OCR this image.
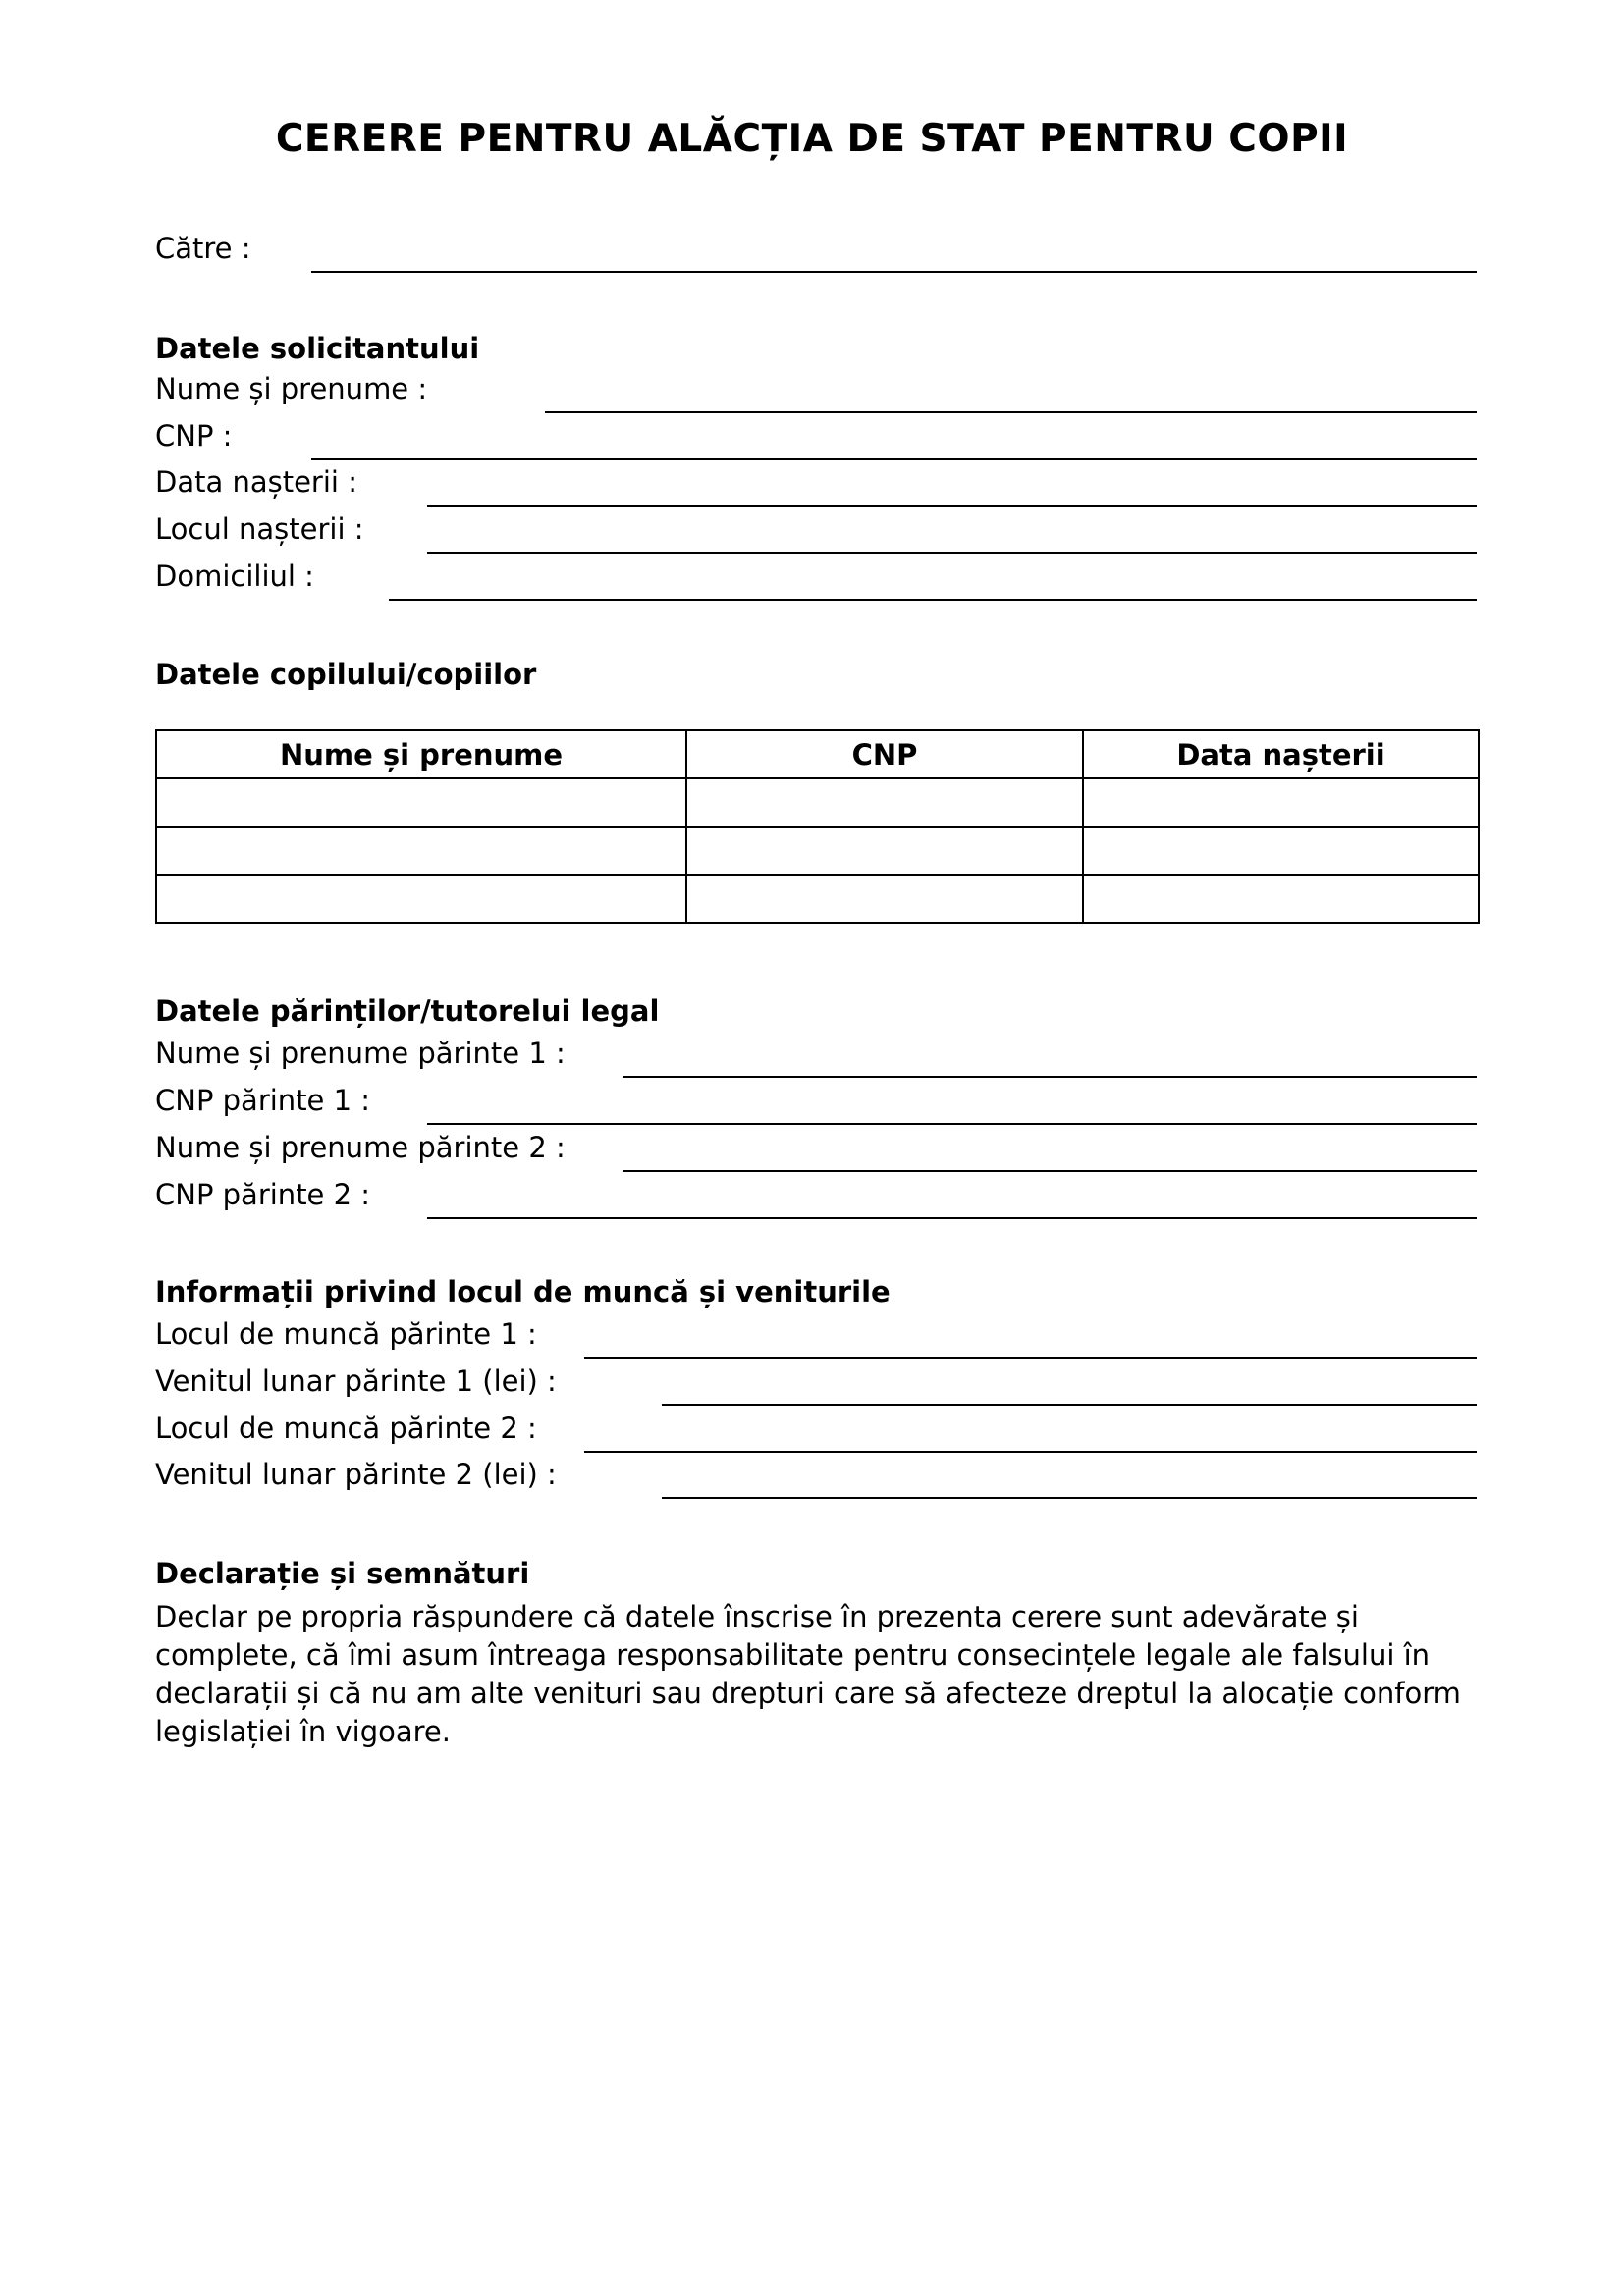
CERERE PENTRU ALĂCȚIA DE STAT PENTRU COPII
Către :
Datele solicitantului
Nume și prenume :
CNP :
Data nașterii :
Locul nașterii :
Domiciliul :
Datele copilului/copiilor
Nume și prenume	CNP	Data nașterii

Datele părinților/tutorelui legal
Nume și prenume părinte 1 :
CNP părinte 1 :
Nume și prenume părinte 2 :
CNP părinte 2 :
Informații privind locul de muncă și veniturile
Locul de muncă părinte 1 :
Venitul lunar părinte 1 (lei) :
Locul de muncă părinte 2 :
Venitul lunar părinte 2 (lei) :
Declarație și semnături
Declar pe propria răspundere că datele înscrise în prezenta cerere sunt adevărate și complete, că îmi asum întreaga responsabilitate pentru consecințele legale ale falsului în declarații și că nu am alte venituri sau drepturi care să afecteze dreptul la alocație conform legislației în vigoare.
